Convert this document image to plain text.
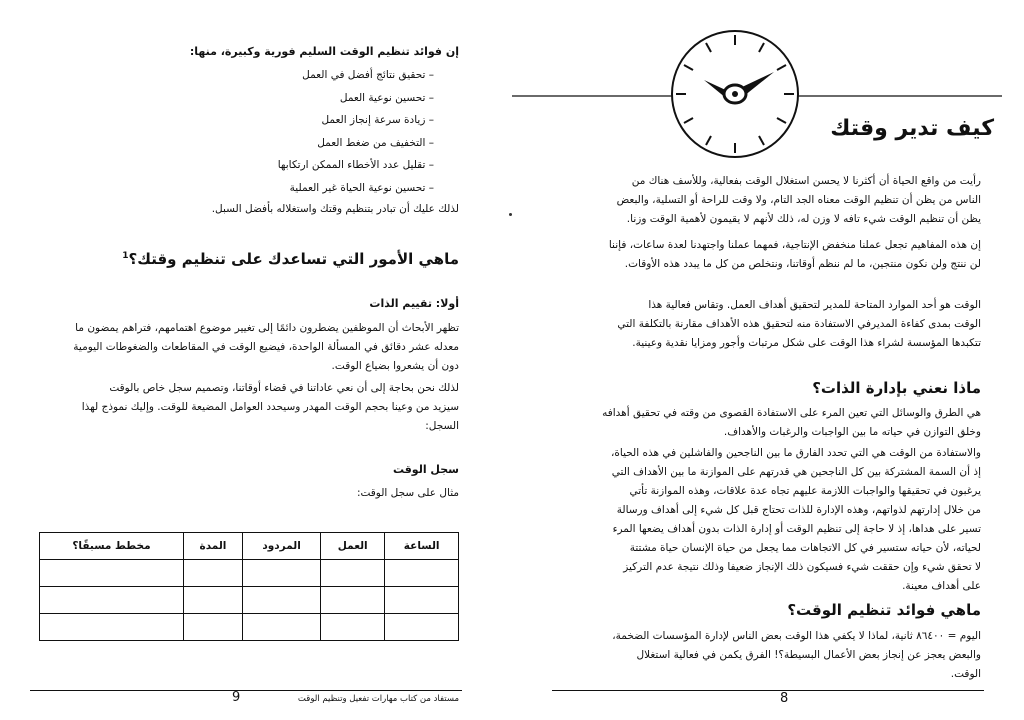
إن فوائد تنظيم الوقت السليم فورية وكبيرة، منها:
– تحقيق نتائج أفضل في العمل
– تحسين نوعية العمل
– زيادة سرعة إنجاز العمل
– التخفيف من ضغط العمل
– تقليل عدد الأخطاء الممكن ارتكابها
– تحسين نوعية الحياة غير العملية
لذلك عليك أن تبادر بتنظيم وقتك واستغلاله بأفضل السبل.
ماهي الأمور التي تساعدك على تنظيم وقتك؟$^1$
أولا: تقييم الذات
تظهر الأبحاث أن الموظفين يضطرون دائمًا إلى تغيير موضوع اهتمامهم، فتراهم يمضون ما
معدله عشر دقائق في المسألة الواحدة، فيضيع الوقت في المقاطعات والضغوطات اليومية
دون أن يشعروا بضياع الوقت.
لذلك نحن بحاجة إلى أن نعي عاداتنا في قضاء أوقاتنا، وتصميم سجل خاص بالوقت
سيزيد من وعينا بحجم الوقت المهدر وسيحدد العوامل المضيعة للوقت. وإليك نموذج لهذا
السجل:
سجل الوقت
مثال على سجل الوقت:
الساعة	العمل	المردود	المدة	مخطط مسبقًا؟

9	مستفاد من كتاب مهارات تفعيل وتنظيم الوقت
كيف تدير وقتك
رأيت من واقع الحياة أن أكثرنا لا يحسن استغلال الوقت بفعالية، وللأسف هناك من
الناس من يظن أن تنظيم الوقت معناه الجد التام، ولا وقت للراحة أو التسلية، والبعض
يظن أن تنظيم الوقت شيء تافه لا وزن له، ذلك لأنهم لا يقيمون لأهمية الوقت وزنا.
إن هذه المفاهيم تجعل عملنا منخفض الإنتاجية، فمهما عملنا واجتهدنا لعدة ساعات، فإننا
لن ننتج ولن نكون منتجين، ما لم ننظم أوقاتنا، ونتخلص من كل ما يبدد هذه الأوقات.
الوقت هو أحد الموارد المتاحة للمدير لتحقيق أهداف العمل. وتقاس فعالية هذا
الوقت بمدى كفاءة المديرفي الاستفادة منه لتحقيق هذه الأهداف مقارنة بالتكلفة التي
تتكبدها المؤسسة لشراء هذا الوقت على شكل مرتبات وأجور ومزايا نقدية وعينية.
ماذا نعني بإدارة الذات؟
هي الطرق والوسائل التي تعين المرء على الاستفادة القصوى من وقته في تحقيق أهدافه
وخلق التوازن في حياته ما بين الواجبات والرغبات والأهداف.
والاستفادة من الوقت هي التي تحدد الفارق ما بين الناجحين والفاشلين في هذه الحياة،
إذ أن السمة المشتركة بين كل الناجحين هي قدرتهم على الموازنة ما بين الأهداف التي
يرغبون في تحقيقها والواجبات اللازمة عليهم تجاه عدة علاقات، وهذه الموازنة تأتي
من خلال إدارتهم لذواتهم، وهذه الإدارة للذات تحتاج قبل كل شيء إلى أهداف ورسالة
تسير على هداها، إذ لا حاجة إلى تنظيم الوقت أو إدارة الذات بدون أهداف يضعها المرء
لحياته، لأن حياته ستسير في كل الاتجاهات مما يجعل من حياة الإنسان حياة مشتتة
لا تحقق شيء وإن حققت شيء فسيكون ذلك الإنجاز ضعيفا وذلك نتيجة عدم التركيز
على أهداف معينة.
ماهي فوائد تنظيم الوقت؟
اليوم = ٨٦٤٠٠ ثانية، لماذا لا يكفي هذا الوقت بعض الناس لإدارة المؤسسات الضخمة،
والبعض يعجز عن إنجاز بعض الأعمال البسيطة؟! الفرق يكمن في فعالية استغلال
الوقت.
8
